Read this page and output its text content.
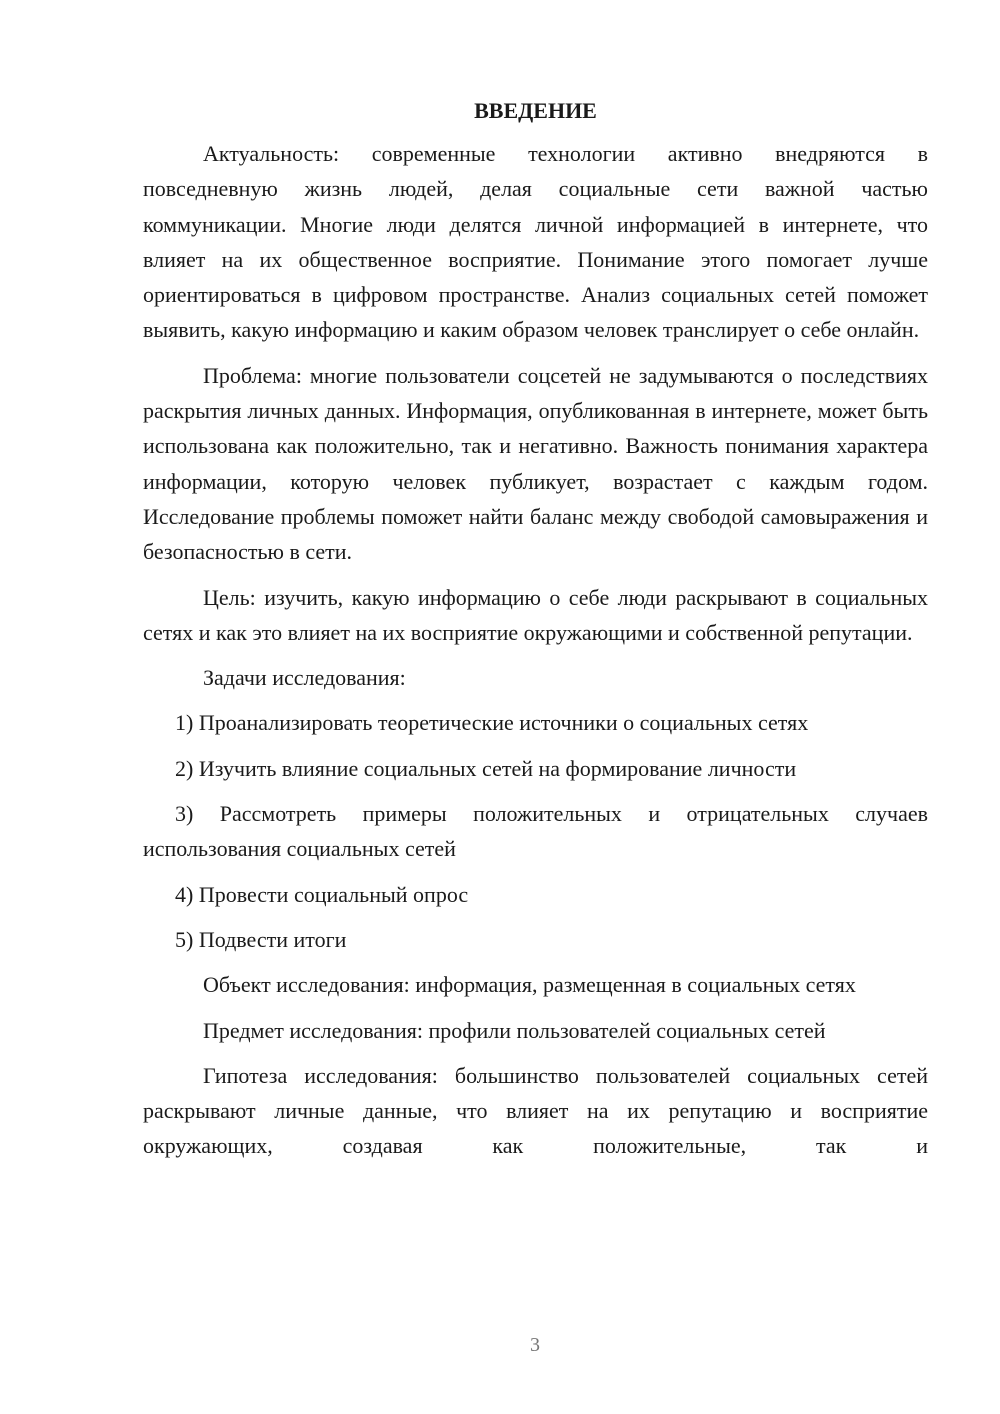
ВВЕДЕНИЕ

Актуальность: современные технологии активно внедряются в повседневную жизнь людей, делая социальные сети важной частью коммуникации. Многие люди делятся личной информацией в интернете, что влияет на их общественное восприятие. Понимание этого помогает лучше ориентироваться в цифровом пространстве. Анализ социальных сетей поможет выявить, какую информацию и каким образом человек транслирует о себе онлайн.

Проблема: многие пользователи соцсетей не задумываются о последствиях раскрытия личных данных. Информация, опубликованная в интернете, может быть использована как положительно, так и негативно. Важность понимания характера информации, которую человек публикует, возрастает с каждым годом. Исследование проблемы поможет найти баланс между свободой самовыражения и безопасностью в сети.

Цель: изучить, какую информацию о себе люди раскрывают в социальных сетях и как это влияет на их восприятие окружающими и собственной репутации.

Задачи исследования:

1) Проанализировать теоретические источники о социальных сетях

2) Изучить влияние социальных сетей на формирование личности

3) Рассмотреть примеры положительных и отрицательных случаев использования социальных сетей

4) Провести социальный опрос

5) Подвести итоги

Объект исследования: информация, размещенная в социальных сетях

Предмет исследования: профили пользователей социальных сетей

Гипотеза исследования: большинство пользователей социальных сетей раскрывают личные данные, что влияет на их репутацию и восприятие окружающих, создавая как положительные, так и

3
